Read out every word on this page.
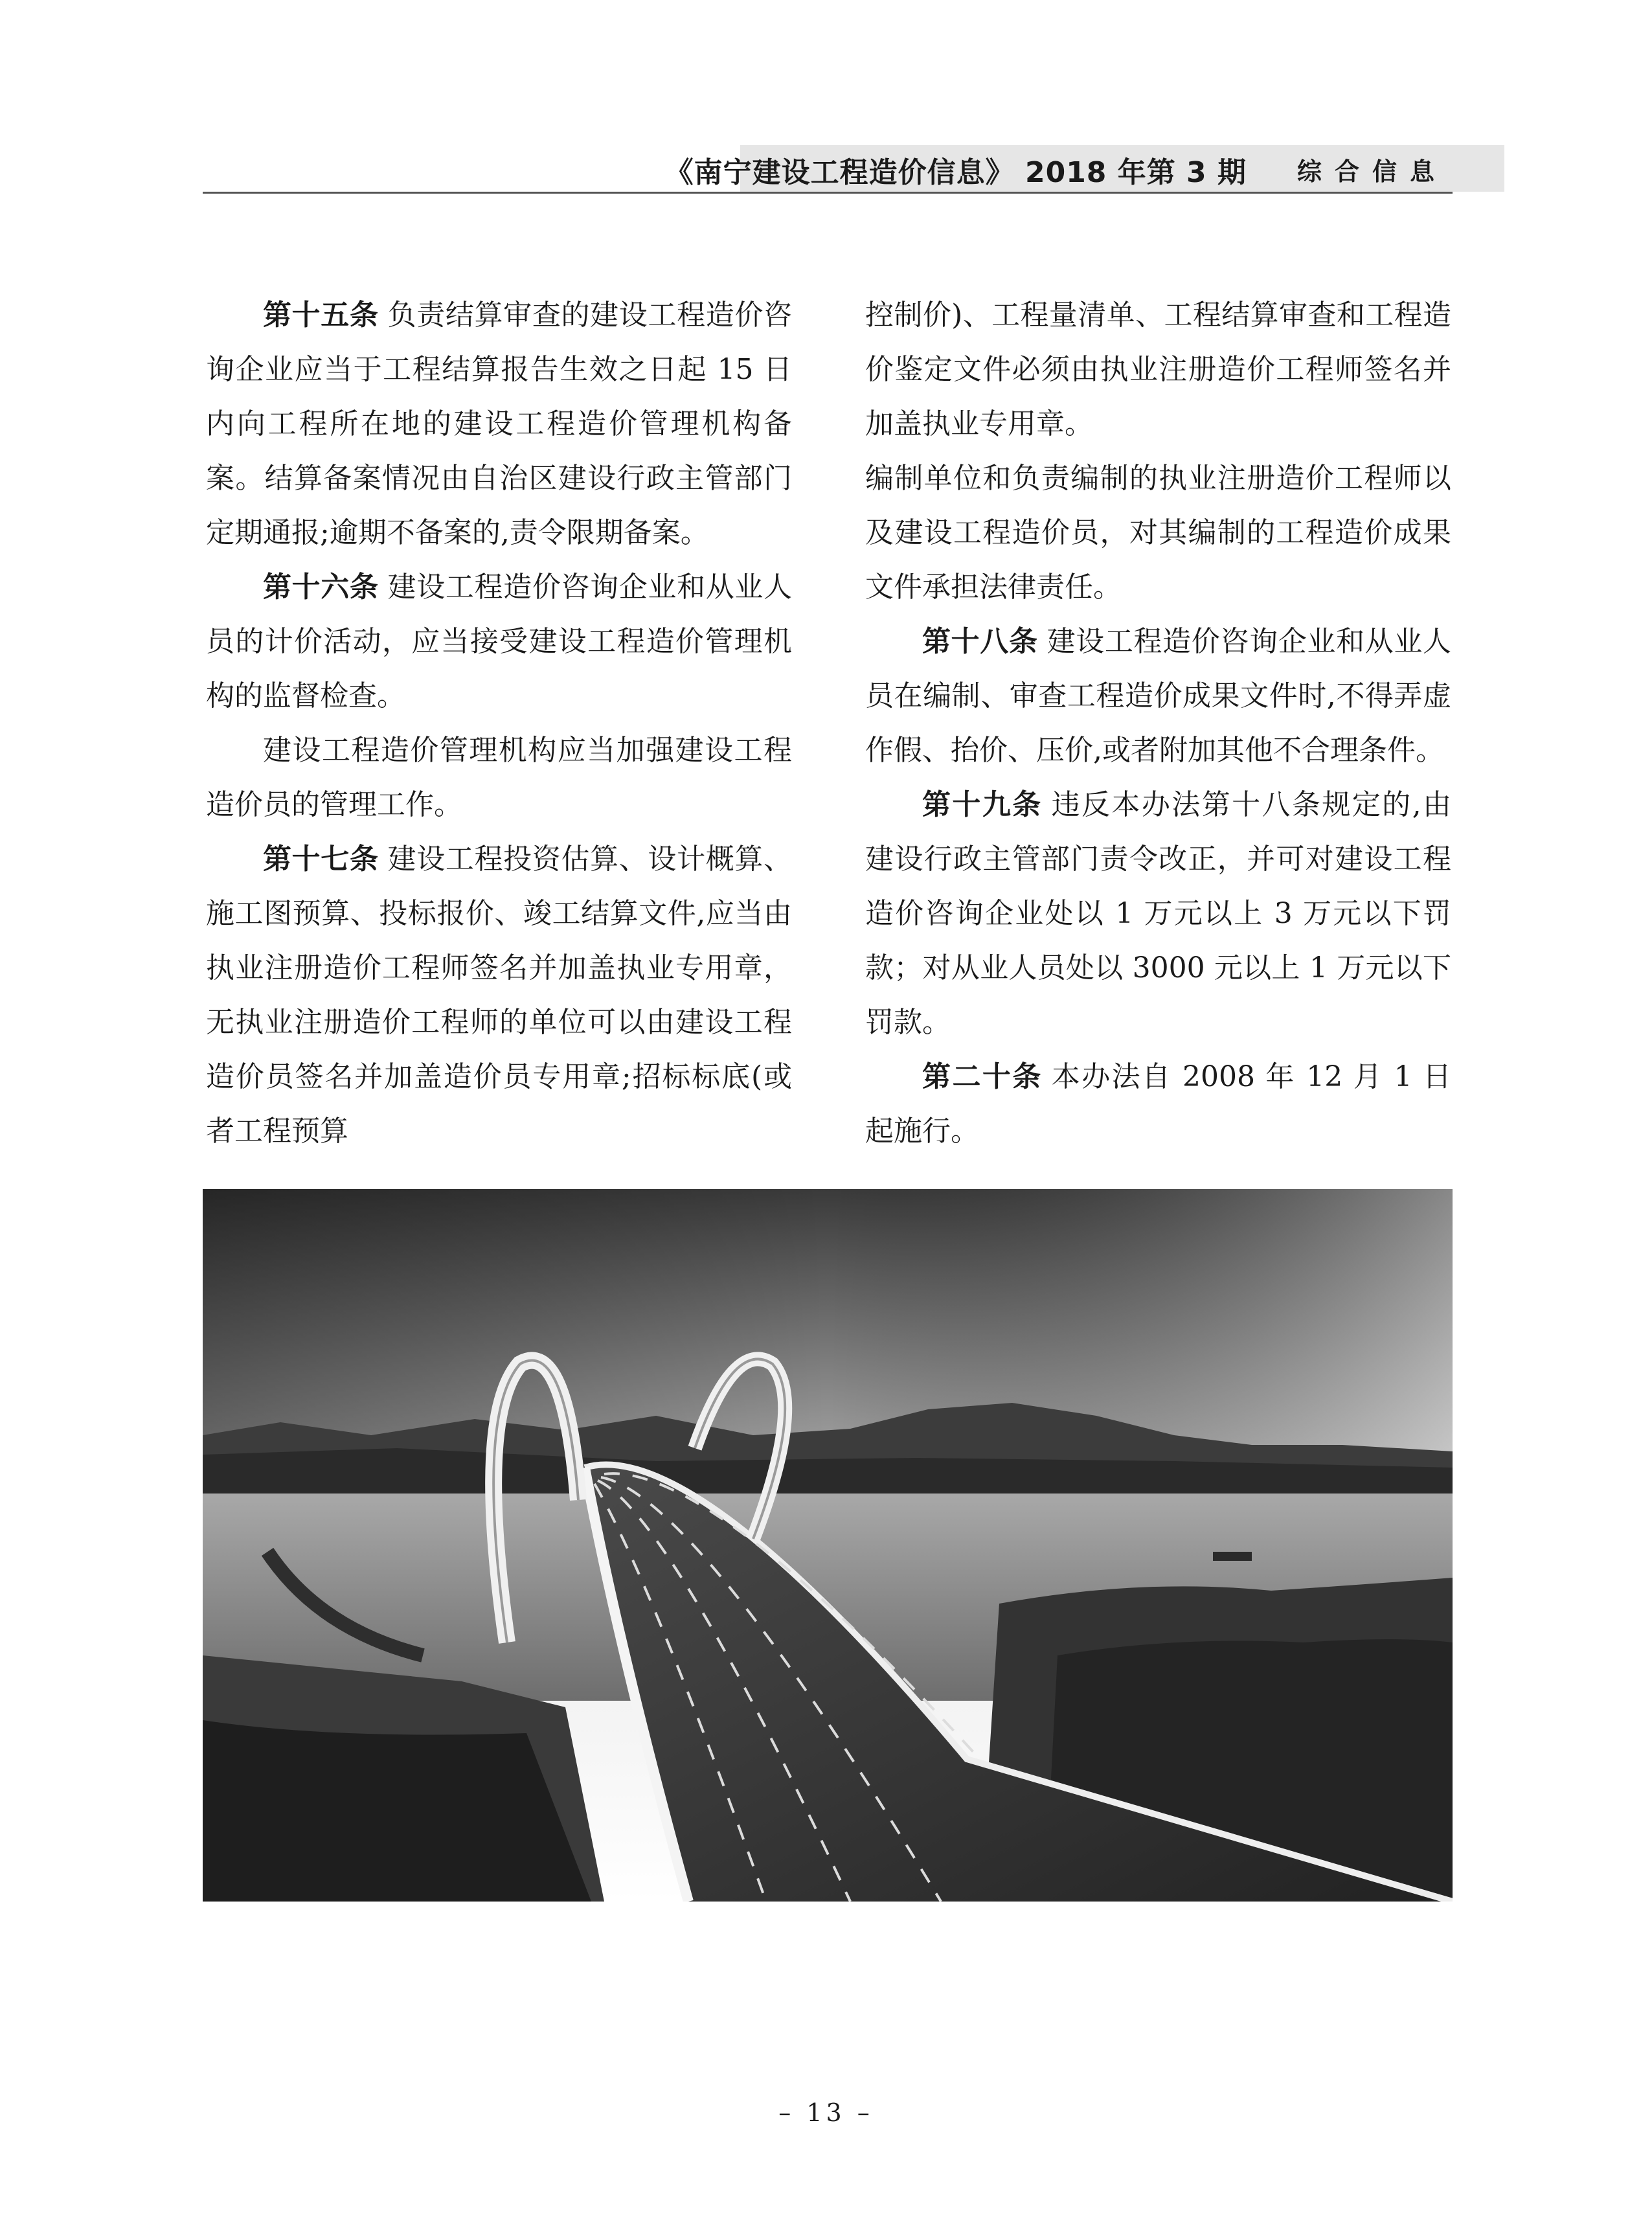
《南宁建设工程造价信息》 2018 年第 3 期 综合信息

第十五条 负责结算审查的建设工程造价咨询企业应当于工程结算报告生效之日起 15 日内向工程所在地的建设工程造价管理机构备案。结算备案情况由自治区建设行政主管部门定期通报;逾期不备案的,责令限期备案。

第十六条 建设工程造价咨询企业和从业人员的计价活动，应当接受建设工程造价管理机构的监督检查。

建设工程造价管理机构应当加强建设工程造价员的管理工作。

第十七条 建设工程投资估算、设计概算、施工图预算、投标报价、竣工结算文件,应当由执业注册造价工程师签名并加盖执业专用章，无执业注册造价工程师的单位可以由建设工程造价员签名并加盖造价员专用章;招标标底(或者工程预算

控制价)、工程量清单、工程结算审查和工程造价鉴定文件必须由执业注册造价工程师签名并加盖执业专用章。

编制单位和负责编制的执业注册造价工程师以及建设工程造价员，对其编制的工程造价成果文件承担法律责任。

第十八条 建设工程造价咨询企业和从业人员在编制、审查工程造价成果文件时,不得弄虚作假、抬价、压价,或者附加其他不合理条件。

第十九条 违反本办法第十八条规定的,由建设行政主管部门责令改正，并可对建设工程造价咨询企业处以 1 万元以上 3 万元以下罚款；对从业人员处以 3000 元以上 1 万元以下罚款。

第二十条 本办法自 2008 年 12 月 1 日起施行。

– 13 –
